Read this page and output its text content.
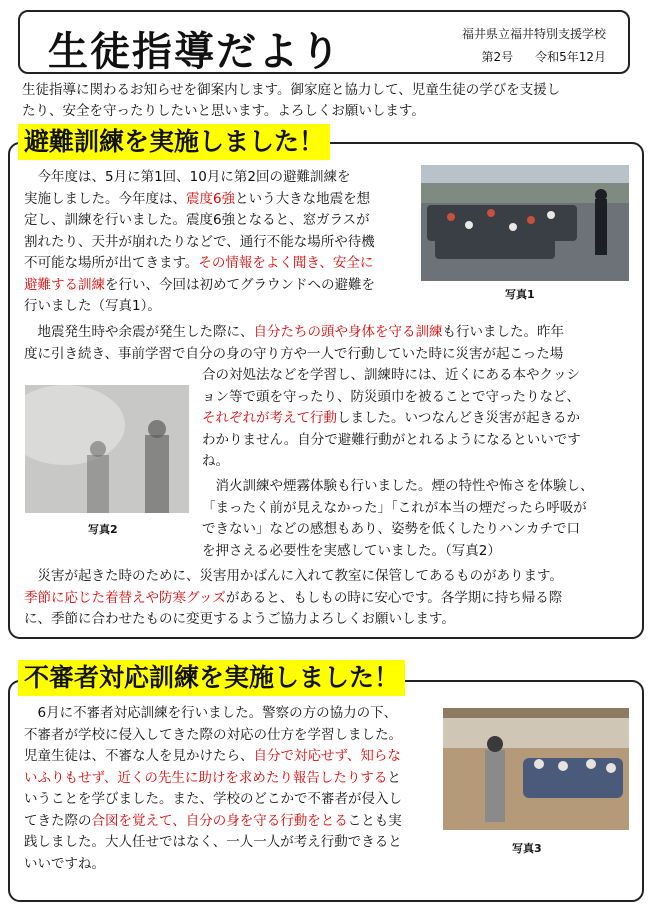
生徒指導だより	福井県立福井特別支援学校
第2号 令和5年12月
生徒指導に関わるお知らせを御案内します。御家庭と協力して、児童生徒の学びを支援し
たり、安全を守ったりしたいと思います。よろしくお願いします。
避難訓練を実施しました！
写真1

 今年度は、5月に第1回、10月に第2回の避難訓練を

実施しました。今年度は、震度6強という大きな地震を想

定し、訓練を行いました。震度6強となると、窓ガラスが

割れたり、天井が崩れたりなどで、通行不能な場所や待機

不可能な場所が出てきます。その情報をよく聞き、安全に

避難する訓練を行い、今回は初めてグラウンドへの避難を

行いました（写真1）。

 地震発生時や余震が発生した際に、自分たちの頭や身体を守る訓練も行いました。昨年

度に引き続き、事前学習で自分の身の守り方や一人で行動していた時に災害が起こった場

写真2

合の対処法などを学習し、訓練時には、近くにある本やクッシ

ョン等で頭を守ったり、防災頭巾を被ることで守ったりなど、

それぞれが考えて行動しました。いつなんどき災害が起きるか

わかりません。自分で避難行動がとれるようになるといいです

ね。

 消火訓練や煙霧体験も行いました。煙の特性や怖さを体験し、

「まったく前が見えなかった」「これが本当の煙だったら呼吸が

できない」などの感想もあり、姿勢を低くしたりハンカチで口

を押さえる必要性を実感していました。（写真2）

 災害が起きた時のために、災害用かばんに入れて教室に保管してあるものがあります。

季節に応じた着替えや防寒グッズがあると、もしもの時に安心です。各学期に持ち帰る際

に、季節に合わせたものに変更するようご協力よろしくお願いします。

不審者対応訓練を実施しました！

 6月に不審者対応訓練を行いました。警察の方の協力の下、

不審者が学校に侵入してきた際の対応の仕方を学習しました。

児童生徒は、不審な人を見かけたら、自分で対応せず、知らな

いふりもせず、近くの先生に助けを求めたり報告したりすると

いうことを学びました。また、学校のどこかで不審者が侵入し

てきた際の合図を覚えて、自分の身を守る行動をとることも実

践しました。大人任せではなく、一人一人が考え行動できると

いいですね。

写真3
